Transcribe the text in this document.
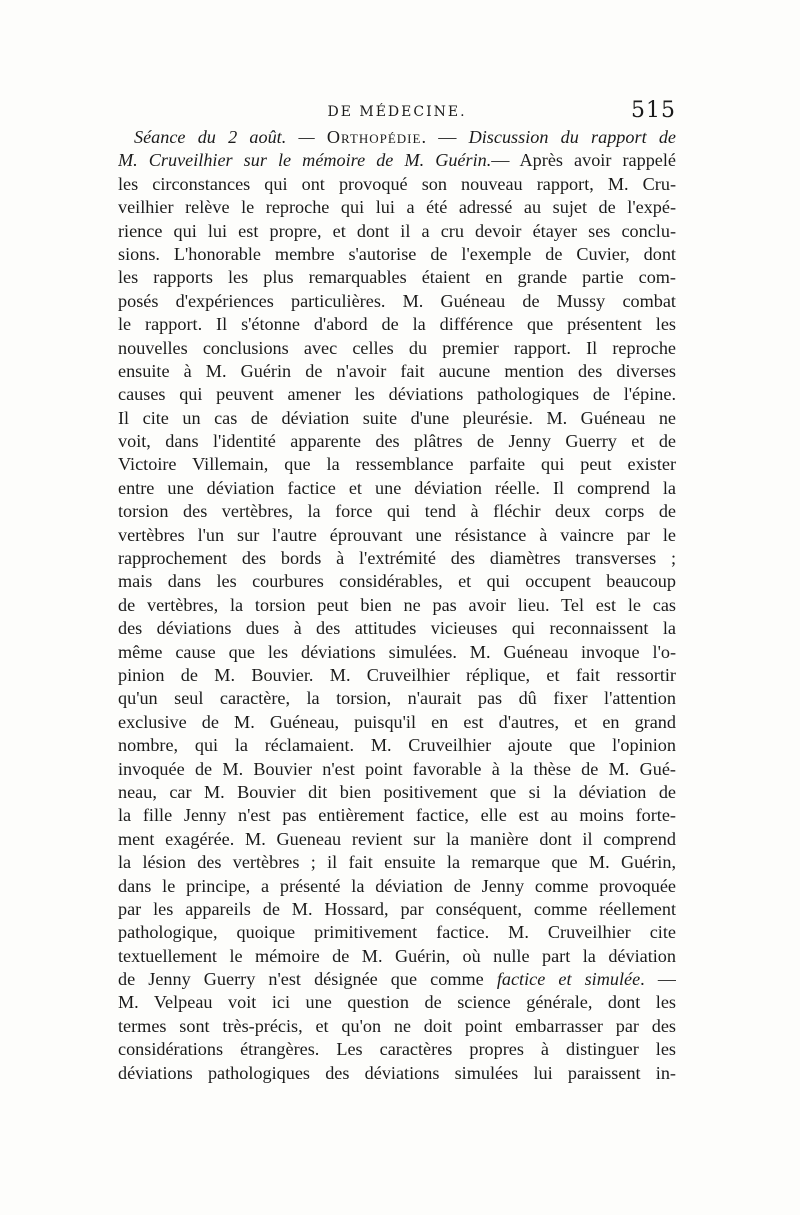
DE MÉDECINE.	515
Séance du 2 août. — Orthopédie. — Discussion du rapport de
M. Cruveilhier sur le mémoire de M. Guérin.— Après avoir rappelé
les circonstances qui ont provoqué son nouveau rapport, M. Cru-
veilhier relève le reproche qui lui a été adressé au sujet de l'expé-
rience qui lui est propre, et dont il a cru devoir étayer ses conclu-
sions. L'honorable membre s'autorise de l'exemple de Cuvier, dont
les rapports les plus remarquables étaient en grande partie com-
posés d'expériences particulières. M. Guéneau de Mussy combat
le rapport. Il s'étonne d'abord de la différence que présentent les
nouvelles conclusions avec celles du premier rapport. Il reproche
ensuite à M. Guérin de n'avoir fait aucune mention des diverses
causes qui peuvent amener les déviations pathologiques de l'épine.
Il cite un cas de déviation suite d'une pleurésie. M. Guéneau ne
voit, dans l'identité apparente des plâtres de Jenny Guerry et de
Victoire Villemain, que la ressemblance parfaite qui peut exister
entre une déviation factice et une déviation réelle. Il comprend la
torsion des vertèbres, la force qui tend à fléchir deux corps de
vertèbres l'un sur l'autre éprouvant une résistance à vaincre par le
rapprochement des bords à l'extrémité des diamètres transverses ;
mais dans les courbures considérables, et qui occupent beaucoup
de vertèbres, la torsion peut bien ne pas avoir lieu. Tel est le cas
des déviations dues à des attitudes vicieuses qui reconnaissent la
même cause que les déviations simulées. M. Guéneau invoque l'o-
pinion de M. Bouvier. M. Cruveilhier réplique, et fait ressortir
qu'un seul caractère, la torsion, n'aurait pas dû fixer l'attention
exclusive de M. Guéneau, puisqu'il en est d'autres, et en grand
nombre, qui la réclamaient. M. Cruveilhier ajoute que l'opinion
invoquée de M. Bouvier n'est point favorable à la thèse de M. Gué-
neau, car M. Bouvier dit bien positivement que si la déviation de
la fille Jenny n'est pas entièrement factice, elle est au moins forte-
ment exagérée. M. Gueneau revient sur la manière dont il comprend
la lésion des vertèbres ; il fait ensuite la remarque que M. Guérin,
dans le principe, a présenté la déviation de Jenny comme provoquée
par les appareils de M. Hossard, par conséquent, comme réellement
pathologique, quoique primitivement factice. M. Cruveilhier cite
textuellement le mémoire de M. Guérin, où nulle part la déviation
de Jenny Guerry n'est désignée que comme factice et simulée. —
M. Velpeau voit ici une question de science générale, dont les
termes sont très-précis, et qu'on ne doit point embarrasser par des
considérations étrangères. Les caractères propres à distinguer les
déviations pathologiques des déviations simulées lui paraissent in-
